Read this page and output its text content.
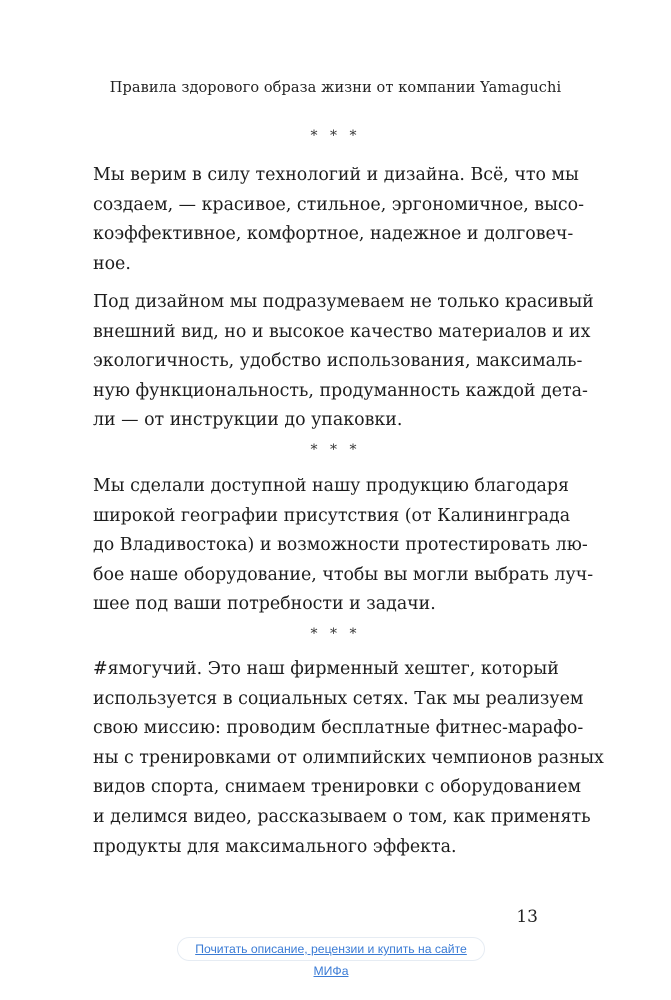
Правила здорового образа жизни от компании Yamaguchi
* * *
Мы верим в силу технологий и дизайна. Всё, что мы
создаем, — красивое, стильное, эргономичное, высо-
коэффективное, комфортное, надежное и долговеч-
ное.
Под дизайном мы подразумеваем не только красивый
внешний вид, но и высокое качество материалов и их
экологичность, удобство использования, максималь-
ную функциональность, продуманность каждой дета-
ли — от инструкции до упаковки.
* * *
Мы сделали доступной нашу продукцию благодаря
широкой географии присутствия (от Калининграда
до Владивостока) и возможности протестировать лю-
бое наше оборудование, чтобы вы могли выбрать луч-
шее под ваши потребности и задачи.
* * *
#ямогучий. Это наш фирменный хештег, который
используется в социальных сетях. Так мы реализуем
свою миссию: проводим бесплатные фитнес-марафо-
ны с тренировками от олимпийских чемпионов разных
видов спорта, снимаем тренировки с оборудованием
и делимся видео, рассказываем о том, как применять
продукты для максимального эффекта.
13
Почитать описание, рецензии и купить на сайте МИФа
